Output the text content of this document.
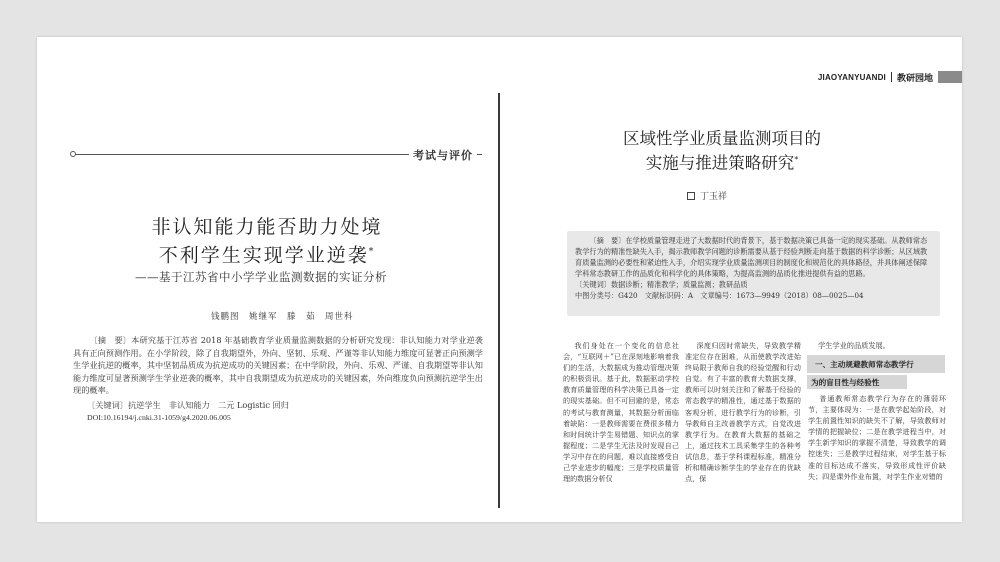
考试与评价
非认知能力能否助力处境
不利学生实现学业逆袭*
——基于江苏省中小学学业监测数据的实证分析
钱鹏图　姚继军　滕　茹　周世科

〔摘　要〕本研究基于江苏省 2018 年基础教育学业质量监测数据的分析研究发现：非认知能力对学业逆袭具有正向预测作用。在小学阶段，除了自我期望外，外向、坚韧、乐观、严谨等非认知能力维度可显著正向预测学生学业抗逆的概率，其中坚韧品质成为抗逆成功的关键因素；在中学阶段，外向、乐观、严谨、自我期望等非认知能力维度可显著预测学生学业逆袭的概率，其中自我期望成为抗逆成功的关键因素，外向维度负向预测抗逆学生出现的概率。

〔关键词〕抗逆学生　非认知能力　二元 Logistic 回归
DOI:10.16194/j.cnki.31-1059/g4.2020.06.005
JIAOYANYUANDI 教研园地
区域性学业质量监测项目的
实施与推进策略研究*
丁玉祥

〔摘　要〕在学校质量管理走进了大数据时代的背景下，基于数据决策已具备一定的现实基础。从教师常态教学行为的精准性缺失入手，揭示教师教学问题的诊断需要从基于经验判断走向基于数据的科学诊断；从区域教育质量监测的必要性和紧迫性入手，介绍实现学业质量监测项目的制度化和规范化的具体路径，并具体阐述保障学科常态教研工作的品质化和科学化的具体策略，为提高监测的品质化推进提供有益的思路。

〔关键词〕数据诊断；精准教学；质量监测；教研品质
中图分类号：G420　文献标识码：A　文章编号：1673—9949（2018）08—0025—04
我们身处在一个变化的信息社会，“互联网＋”已在深刻地影响着我们的生活，大数据成为推动管理决策的积极资讯。基于此，数据驱动学校教育质量管理的科学决策已具备一定的现实基础。但不可回避的是，常态的考试与教育测量，其数据分析面临着缺陷：一是教师需要在费很多精力和时间统计学生易错题、知识点的掌握程度；二是学生无法及时发现自己学习中存在的问题，难以直接感受自己学业进步的幅度；三是学校质量管理的数据分析仅
深度归因时常缺失，导致教学精准定位存在困难，从而使教学改进始终局限于教师自我的经验觉醒和行动自觉。有了丰富的教育大数据支撑，教师可以时刻关注和了解基于经验的常态教学的精准性，通过基于数据的客观分析，进行教学行为的诊断，引导教师自主改善教学方式，自觉改进教学行为。在教育大数据的基础之上，通过技术工具采集学生的各种考试信息，基于学科课程标准，精准分析和精确诊断学生的学业存在的优缺点，保
学生学业的品质发展。
一、主动规避教师常态教学行
为的盲目性与经验性
普通教师常态教学行为存在的薄弱环节，主要体现为：一是在教学起始阶段，对学生前置性知识的缺失不了解，导致教师对学情的把握缺位；二是在教学进程当中，对学生新学知识的掌握不清楚，导致教学的调控迷失；三是教学过程结束，对学生基于标准的目标达成不落实，导致形成性评价缺失；四是课外作业布置，对学生作业对错的
